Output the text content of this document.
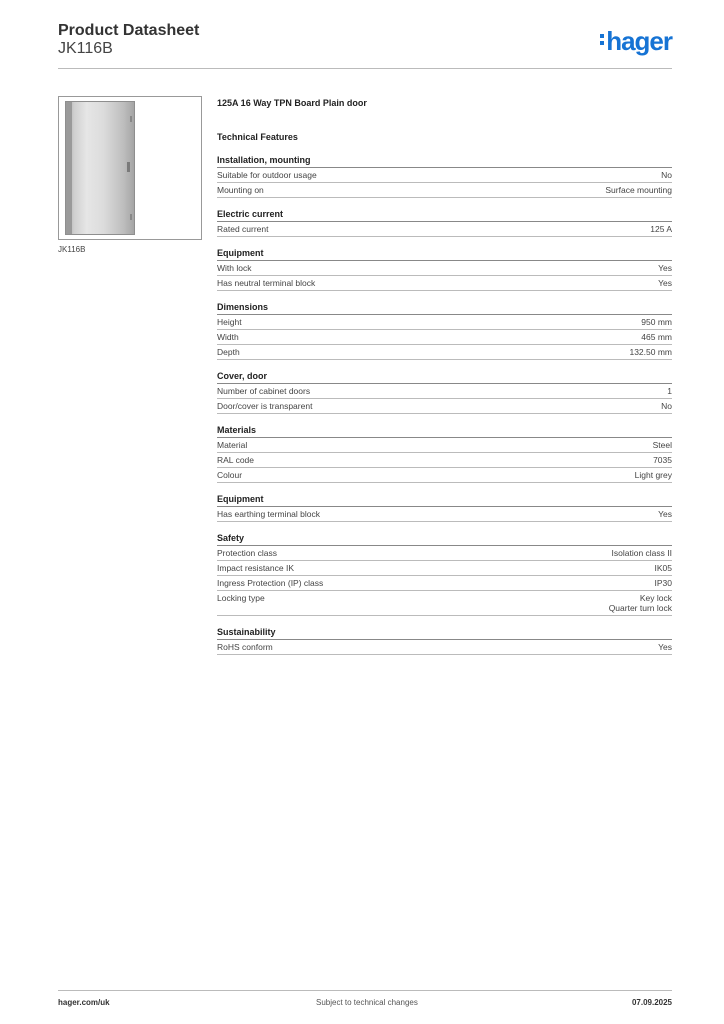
Product Datasheet
JK116B	hager
JK116B
125A 16 Way TPN Board Plain door
Technical Features
Installation, mounting
Suitable for outdoor usage	No
Mounting on	Surface mounting
Electric current
Rated current	125 A
Equipment
With lock	Yes
Has neutral terminal block	Yes
Dimensions
Height	950 mm
Width	465 mm
Depth	132.50 mm
Cover, door
Number of cabinet doors	1
Door/cover is transparent	No
Materials
Material	Steel
RAL code	7035
Colour	Light grey
Equipment
Has earthing terminal block	Yes
Safety
Protection class	Isolation class II
Impact resistance IK	IK05
Ingress Protection (IP) class	IP30
Locking type	Key lock
Quarter turn lock
Sustainability
RoHS conform	Yes
hager.com/uk	Subject to technical changes	07.09.2025
